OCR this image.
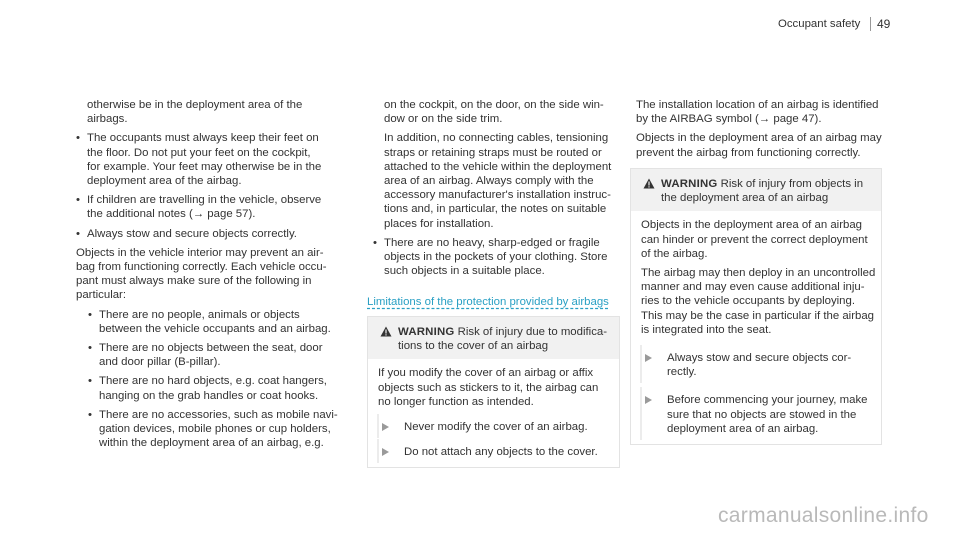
Occupant safety 49
otherwise be in the deployment area of the
airbags.
• The occupants must always keep their feet on
the floor. Do not put your feet on the cockpit,
for example. Your feet may otherwise be in the
deployment area of the airbag.
• If children are travelling in the vehicle, observe
the additional notes (→ page 57).
• Always stow and secure objects correctly.
Objects in the vehicle interior may prevent an air-
bag from functioning correctly. Each vehicle occu-
pant must always make sure of the following in
particular:
• There are no people, animals or objects
between the vehicle occupants and an airbag.
• There are no objects between the seat, door
and door pillar (B-pillar).
• There are no hard objects, e.g. coat hangers,
hanging on the grab handles or coat hooks.
• There are no accessories, such as mobile navi-
gation devices, mobile phones or cup holders,
within the deployment area of an airbag, e.g.
on the cockpit, on the door, on the side win-
dow or on the side trim.
In addition, no connecting cables, tensioning
straps or retaining straps must be routed or
attached to the vehicle within the deployment
area of an airbag. Always comply with the
accessory manufacturer's installation instruc-
tions and, in particular, the notes on suitable
places for installation.
• There are no heavy, sharp-edged or fragile
objects in the pockets of your clothing. Store
such objects in a suitable place.
Limitations of the protection provided by airbags
WARNING Risk of injury due to modifica-
tions to the cover of an airbag
If you modify the cover of an airbag or affix
objects such as stickers to it, the airbag can
no longer function as intended.
Never modify the cover of an airbag.
Do not attach any objects to the cover.
The installation location of an airbag is identified
by the AIRBAG symbol (→ page 47).
Objects in the deployment area of an airbag may
prevent the airbag from functioning correctly.
WARNING Risk of injury from objects in
the deployment area of an airbag
Objects in the deployment area of an airbag
can hinder or prevent the correct deployment
of the airbag.
The airbag may then deploy in an uncontrolled
manner and may even cause additional inju-
ries to the vehicle occupants by deploying.
This may be the case in particular if the airbag
is integrated into the seat.
Always stow and secure objects cor-
rectly.
Before commencing your journey, make
sure that no objects are stowed in the
deployment area of an airbag.
carmanualsonline.info
